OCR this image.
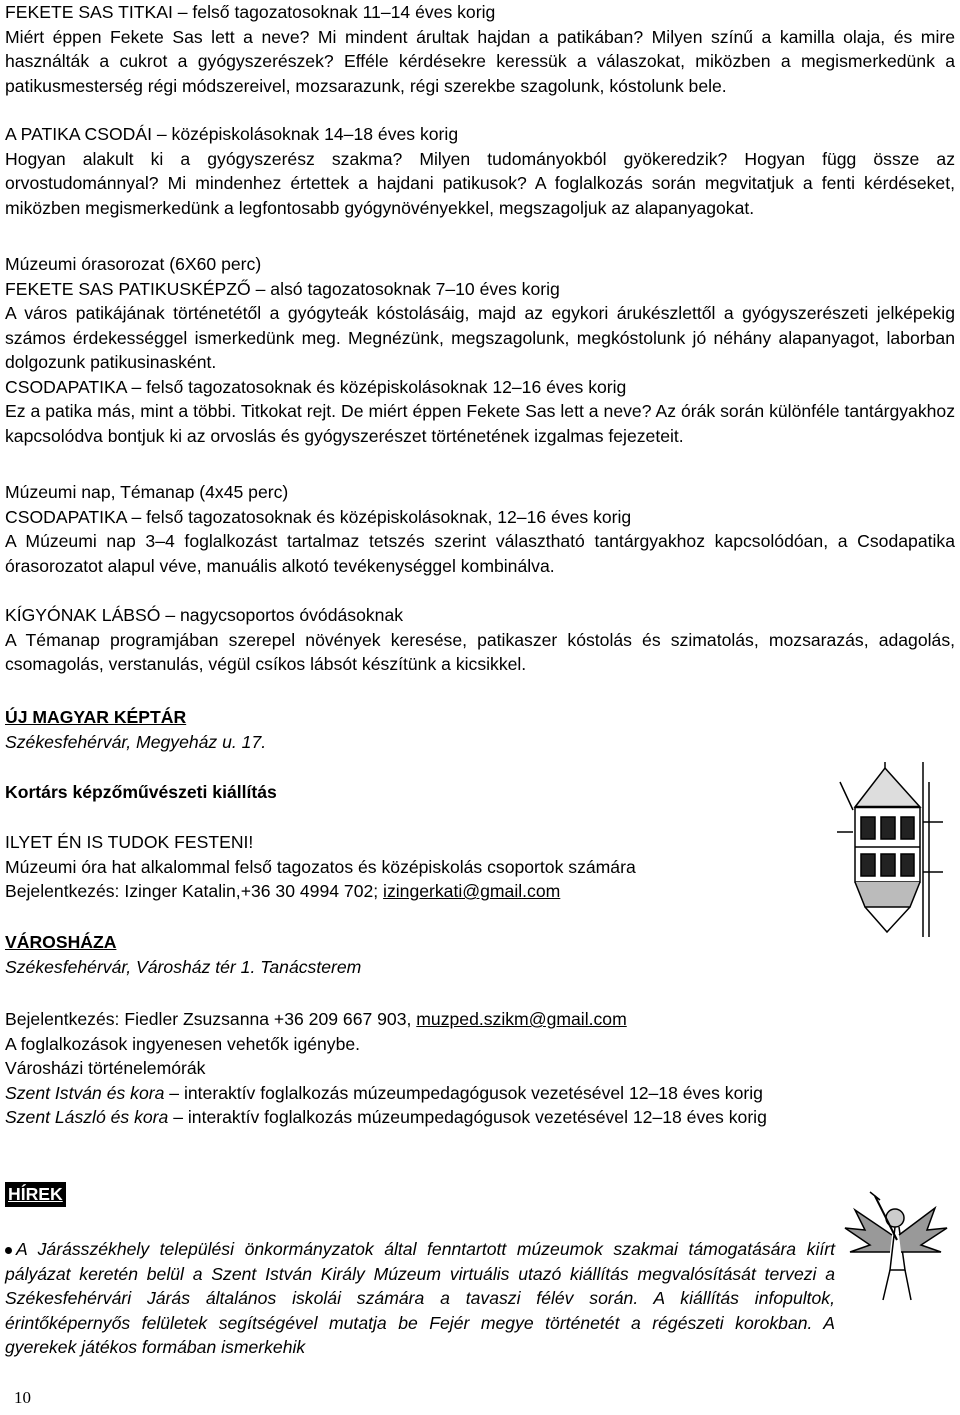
FEKETE SAS TITKAI – felső tagozatosoknak 11–14 éves korig

Miért éppen Fekete Sas lett a neve? Mi mindent árultak hajdan a patikában? Milyen színű a kamilla olaja, és mire használták a cukrot a gyógyszerészek? Efféle kérdésekre keressük a válaszokat, miközben a megismerkedünk a patikusmesterség régi módszereivel, mozsarazunk, régi szerekbe szagolunk, kóstolunk bele.

A PATIKA CSODÁI – középiskolásoknak 14–18 éves korig

Hogyan alakult ki a gyógyszerész szakma? Milyen tudományokból gyökeredzik? Hogyan függ össze az orvostudománnyal? Mi mindenhez értettek a hajdani patikusok? A foglalkozás során megvitatjuk a fenti kérdéseket, miközben megismerkedünk a legfontosabb gyógynövényekkel, megszagoljuk az alapanyagokat.

Múzeumi órasorozat (6X60 perc)

FEKETE SAS PATIKUSKÉPZŐ – alsó tagozatosoknak 7–10 éves korig

A város patikájának történetétől a gyógyteák kóstolásáig, majd az egykori árukészlettől a gyógyszerészeti jelképekig számos érdekességgel ismerkedünk meg. Megnézünk, megszagolunk, megkóstolunk jó néhány alapanyagot, laborban dolgozunk patikusinasként.

CSODAPATIKA – felső tagozatosoknak és középiskolásoknak 12–16 éves korig

Ez a patika más, mint a többi. Titkokat rejt. De miért éppen Fekete Sas lett a neve? Az órák során különféle tantárgyakhoz kapcsolódva bontjuk ki az orvoslás és gyógyszerészet történetének izgalmas fejezeteit.

Múzeumi nap, Témanap (4x45 perc)

CSODAPATIKA – felső tagozatosoknak és középiskolásoknak, 12–16 éves korig

A Múzeumi nap 3–4 foglalkozást tartalmaz tetszés szerint választható tantárgyakhoz kapcsolódóan, a Csodapatika órasorozatot alapul véve, manuális alkotó tevékenységgel kombinálva.

KÍGYÓNAK LÁBSÓ – nagycsoportos óvódásoknak

A Témanap programjában szerepel növények keresése, patikaszer kóstolás és szimatolás, mozsarazás, adagolás, csomagolás, verstanulás, végül csíkos lábsót készítünk a kicsikkel.

ÚJ MAGYAR KÉPTÁR

Székesfehérvár, Megyeház u. 17.

Kortárs képzőművészeti kiállítás

ILYET ÉN IS TUDOK FESTENI!

Múzeumi óra hat alkalommal felső tagozatos és középiskolás csoportok számára

Bejelentkezés: Izinger Katalin,+36 30 4994 702; izingerkati@gmail.com

VÁROSHÁZA

Székesfehérvár, Városház tér 1. Tanácsterem

Bejelentkezés: Fiedler Zsuzsanna +36 209 667 903, muzped.szikm@gmail.com

A foglalkozások ingyenesen vehetők igénybe.

Városházi történelemórák

Szent István és kora – interaktív foglalkozás múzeumpedagógusok vezetésével 12–18 éves korig

Szent László és kora – interaktív foglalkozás múzeumpedagógusok vezetésével 12–18 éves korig

HÍREK

A Járásszékhely települési önkormányzatok által fenntartott múzeumok szakmai támogatására kiírt pályázat keretén belül a Szent István Király Múzeum virtuális utazó kiállítás megvalósítását tervezi a Székesfehérvári Járás általános iskolái számára a tavaszi félév során. A kiállítás infopultok, érintőképernyős felületek segítségével mutatja be Fejér megye történetét a régészeti korokban. A gyerekek játékos formában ismerkehik
10
